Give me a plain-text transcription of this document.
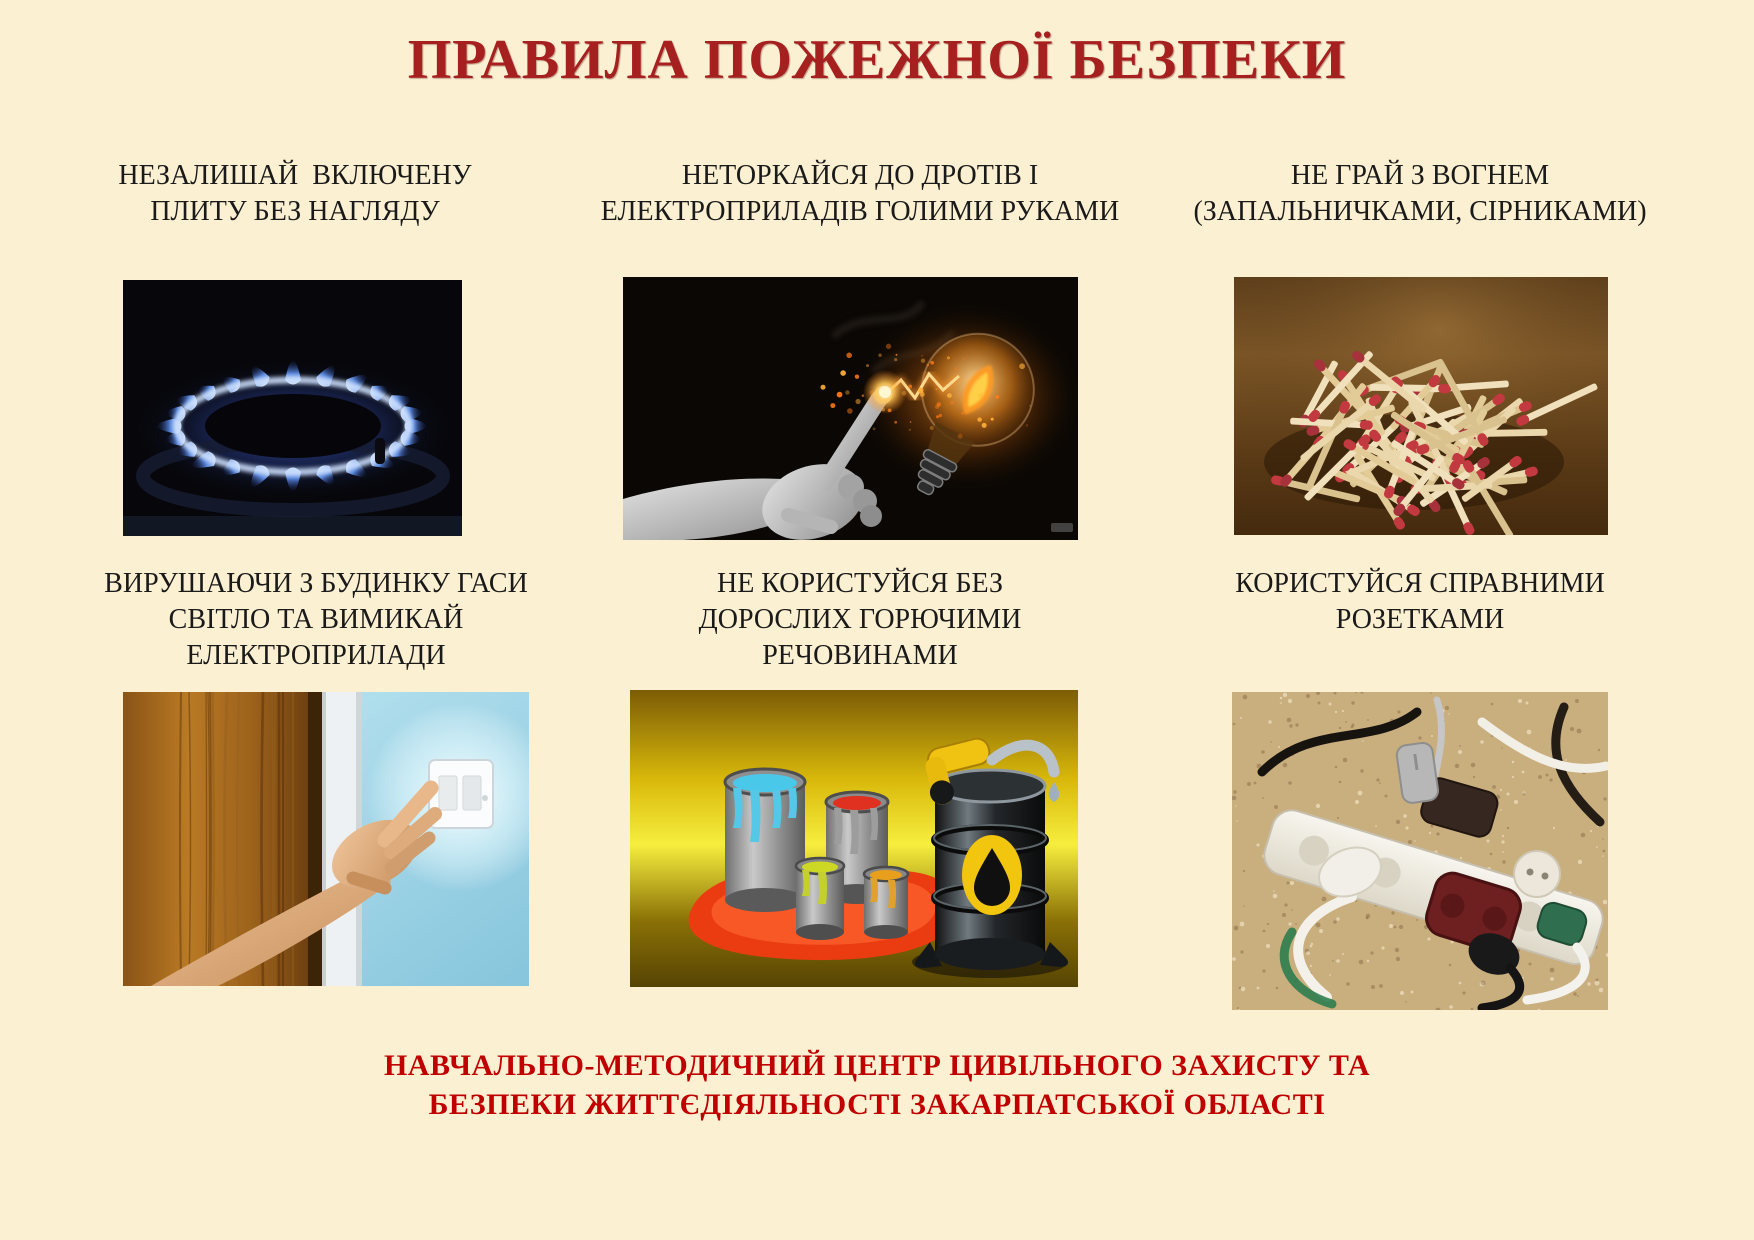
ПРАВИЛА ПОЖЕЖНОЇ БЕЗПЕКИ
НЕЗАЛИШАЙ  ВКЛЮЧЕНУ
ПЛИТУ БЕЗ НАГЛЯДУ
НЕТОРКАЙСЯ ДО ДРОТІВ І
ЕЛЕКТРОПРИЛАДІВ ГОЛИМИ РУКАМИ
НЕ ГРАЙ З ВОГНЕМ
(ЗАПАЛЬНИЧКАМИ, СІРНИКАМИ)
ВИРУШАЮЧИ З БУДИНКУ ГАСИ
СВІТЛО ТА ВИМИКАЙ
ЕЛЕКТРОПРИЛАДИ
НЕ КОРИСТУЙСЯ БЕЗ
ДОРОСЛИХ ГОРЮЧИМИ
РЕЧОВИНАМИ
КОРИСТУЙСЯ СПРАВНИМИ
РОЗЕТКАМИ
НАВЧАЛЬНО-МЕТОДИЧНИЙ ЦЕНТР ЦИВІЛЬНОГО ЗАХИСТУ ТА
БЕЗПЕКИ ЖИТТЄДІЯЛЬНОСТІ ЗАКАРПАТСЬКОЇ ОБЛАСТІ
